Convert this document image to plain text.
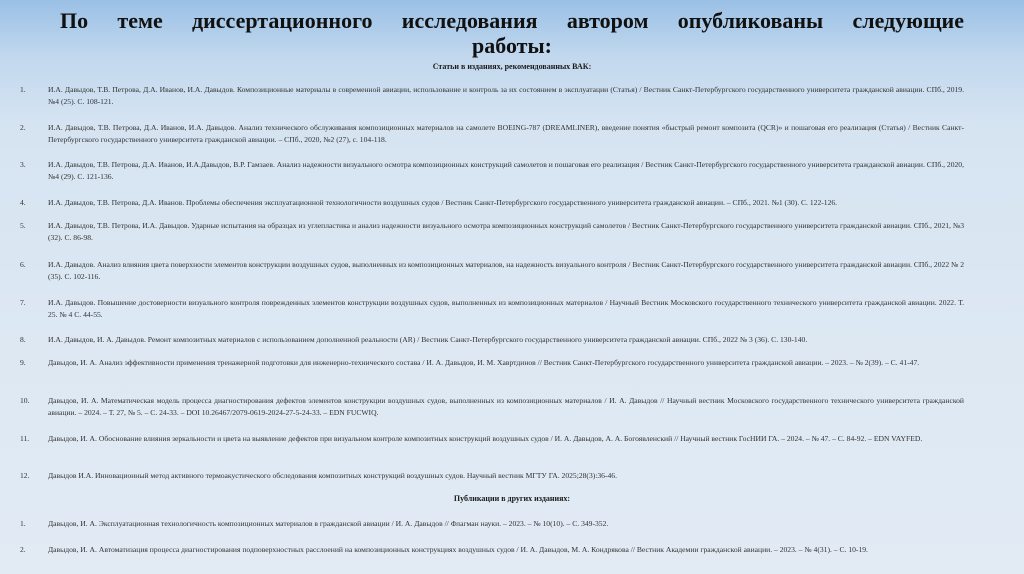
По теме диссертационного исследования автором опубликованы следующие
работы:
Статьи в изданиях, рекомендованных ВАК:
1.	И.А. Давыдов, Т.В. Петрова, Д.А. Иванов, И.А. Давыдов. Композиционные материалы в современной авиации, использование и контроль за их состоянием в эксплуатации (Статья) / Вестник Санкт-Петербургского государственного университета гражданской авиации. СПб., 2019. №4 (25). С. 108-121.
2.	И.А. Давыдов, Т.В. Петрова, Д.А. Иванов, И.А. Давыдов. Анализ технического обслуживания композиционных материалов на самолете BOEING-787 (DREAMLINER), введение понятия «быстрый ремонт композита (QCR)» и пошаговая его реализация (Статья) / Вестник Санкт-Петербургского государственного университета гражданской авиации. – СПб., 2020, №2 (27), с. 104-118.
3.	И.А. Давыдов, Т.В. Петрова, Д.А. Иванов, И.А.Давыдов, В.Р. Гамзаев. Анализ надежности визуального осмотра композиционных конструкций самолетов и пошаговая его реализация / Вестник Санкт-Петербургского государственного университета гражданской авиации. СПб., 2020, №4 (29). С. 121-136.
4.	И.А. Давыдов, Т.В. Петрова, Д.А. Иванов. Проблемы обеспечения эксплуатационной технологичности воздушных судов / Вестник Санкт-Петербургского государственного университета гражданской авиации. – СПб., 2021. №1 (30). С. 122-126.
5.	И.А. Давыдов, Т.В. Петрова, И.А. Давыдов. Ударные испытания на образцах из углепластика и анализ надежности визуального осмотра композиционных конструкций самолетов / Вестник Санкт-Петербургского государственного университета гражданской авиации. СПб., 2021, №3 (32). С. 86-98.
6.	И.А. Давыдов. Анализ влияния цвета поверхности элементов конструкции воздушных судов, выполненных из композиционных материалов, на надежность визуального контроля / Вестник Санкт-Петербургского государственного университета гражданской авиации. СПб., 2022 № 2 (35). С. 102-116.
7.	И.А. Давыдов. Повышение достоверности визуального контроля поврежденных элементов конструкции воздушных судов, выполненных из композиционных материалов / Научный Вестник Московского государственного технического университета гражданской авиации. 2022. Т. 25. № 4 С. 44-55.
8.	И.А. Давыдов, И. А. Давыдов. Ремонт композитных материалов с использованием дополненной реальности (AR) / Вестник Санкт-Петербургского государственного университета гражданской авиации. СПб., 2022 № 3 (36). С. 130-140.
9.	Давыдов, И. А. Анализ эффективности применения тренажерной подготовки для инженерно-технического состава / И. А. Давыдов, И. М. Хавртдинов // Вестник Санкт-Петербургского государственного университета гражданской авиации. – 2023. – № 2(39). – С. 41-47.
10.	Давыдов, И. А. Математическая модель процесса диагностирования дефектов элементов конструкции воздушных судов, выполненных из композиционных материалов / И. А. Давыдов // Научный вестник Московского государственного технического университета гражданской авиации. – 2024. – Т. 27, № 5. – С. 24-33. – DOI 10.26467/2079-0619-2024-27-5-24-33. – EDN FUCWIQ.
11.	Давыдов, И. А. Обоснование влияния зеркальности и цвета на выявление дефектов при визуальном контроле композитных конструкций воздушных судов / И. А. Давыдов, А. А. Богоявленский // Научный вестник ГосНИИ ГА. – 2024. – № 47. – С. 84-92. – EDN VAYFED.
12.	Давыдов И.А. Инновационный метод активного термоакустического обследования композитных конструкций воздушных судов. Научный вестник МГТУ ГА. 2025;28(3):36-46.
Публикации в других изданиях:
1.	Давыдов, И. А. Эксплуатационная технологичность композиционных материалов в гражданской авиации / И. А. Давыдов // Флагман науки. – 2023. – № 10(10). – С. 349-352.
2.	Давыдов, И. А. Автоматизация процесса диагностирования подповерхностных расслоений на композиционных конструкциях воздушных судов / И. А. Давыдов, М. А. Кондрякова // Вестник Академии гражданской авиации. – 2023. – № 4(31). – С. 10-19.
